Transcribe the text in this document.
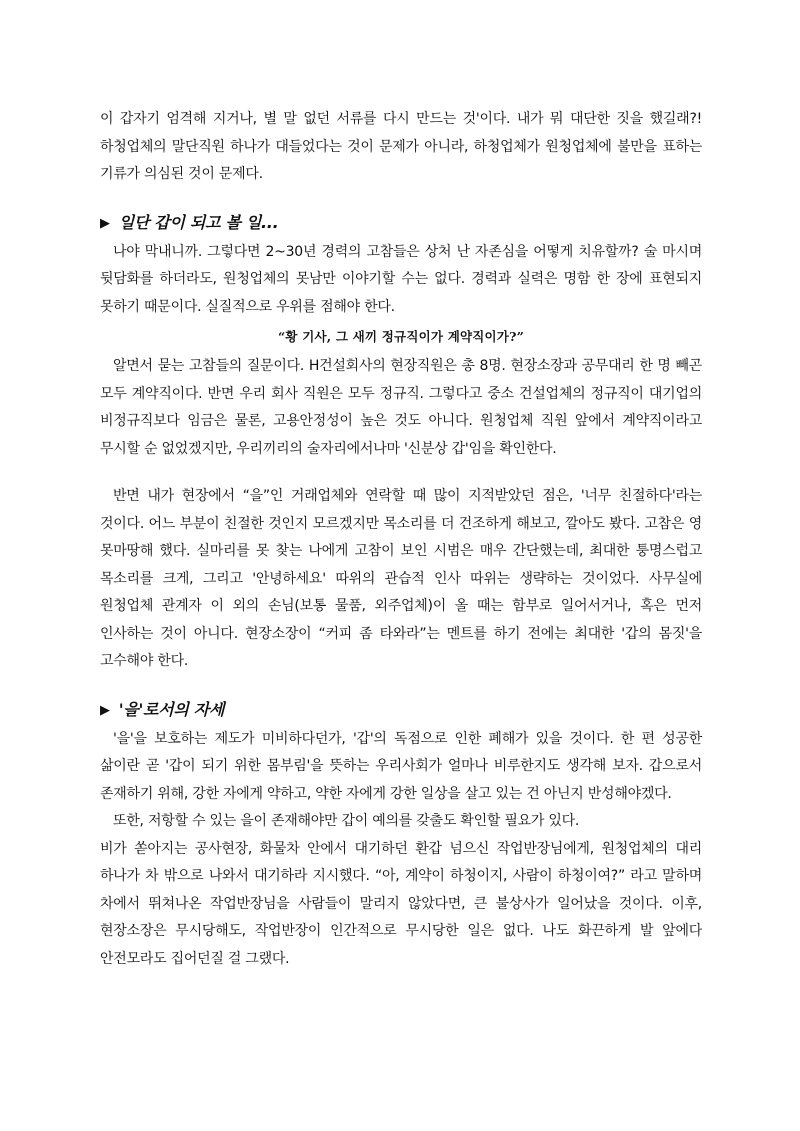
이 갑자기 엄격해 지거나, 별 말 없던 서류를 다시 만드는 것'이다. 내가 뭐 대단한 짓을 했길래?! 하청업체의 말단직원 하나가 대들었다는 것이 문제가 아니라, 하청업체가 원청업체에 불만을 표하는 기류가 의심된 것이 문제다.

▶ 일단 갑이 되고 볼 일...

나야 막내니까. 그렇다면 2~30년 경력의 고참들은 상처 난 자존심을 어떻게 치유할까? 술 마시며 뒷담화를 하더라도, 원청업체의 못남만 이야기할 수는 없다. 경력과 실력은 명함 한 장에 표현되지 못하기 때문이다. 실질적으로 우위를 점해야 한다.

“황 기사, 그 새끼 정규직이가 계약직이가?”

알면서 묻는 고참들의 질문이다. H건설회사의 현장직원은 총 8명. 현장소장과 공무대리 한 명 빼곤 모두 계약직이다. 반면 우리 회사 직원은 모두 정규직. 그렇다고 중소 건설업체의 정규직이 대기업의 비정규직보다 임금은 물론, 고용안정성이 높은 것도 아니다. 원청업체 직원 앞에서 계약직이라고 무시할 순 없었겠지만, 우리끼리의 술자리에서나마 '신분상 갑'임을 확인한다.

반면 내가 현장에서 “을”인 거래업체와 연락할 때 많이 지적받았던 점은, '너무 친절하다'라는 것이다. 어느 부분이 친절한 것인지 모르겠지만 목소리를 더 건조하게 해보고, 깔아도 봤다. 고참은 영 못마땅해 했다. 실마리를 못 찾는 나에게 고참이 보인 시범은 매우 간단했는데, 최대한 퉁명스럽고 목소리를 크게, 그리고 '안녕하세요' 따위의 관습적 인사 따위는 생략하는 것이었다. 사무실에 원청업체 관계자 이 외의 손님(보통 물품, 외주업체)이 올 때는 함부로 일어서거나, 혹은 먼저 인사하는 것이 아니다. 현장소장이 “커피 좀 타와라”는 멘트를 하기 전에는 최대한 '갑의 몸짓'을 고수해야 한다.

▶ '을'로서의 자세

'을'을 보호하는 제도가 미비하다던가, '갑'의 독점으로 인한 폐해가 있을 것이다. 한 편 성공한 삶이란 곧 '갑이 되기 위한 몸부림'을 뜻하는 우리사회가 얼마나 비루한지도 생각해 보자. 갑으로서 존재하기 위해, 강한 자에게 약하고, 약한 자에게 강한 일상을 살고 있는 건 아닌지 반성해야겠다.

또한, 저항할 수 있는 을이 존재해야만 갑이 예의를 갖출도 확인할 필요가 있다.

비가 쏟아지는 공사현장, 화물차 안에서 대기하던 환갑 넘으신 작업반장님에게, 원청업체의 대리 하나가 차 밖으로 나와서 대기하라 지시했다. “아, 계약이 하청이지, 사람이 하청이여?” 라고 말하며 차에서 뛰쳐나온 작업반장님을 사람들이 말리지 않았다면, 큰 불상사가 일어났을 것이다. 이후, 현장소장은 무시당해도, 작업반장이 인간적으로 무시당한 일은 없다. 나도 화끈하게 발 앞에다 안전모라도 집어던질 걸 그랬다.
